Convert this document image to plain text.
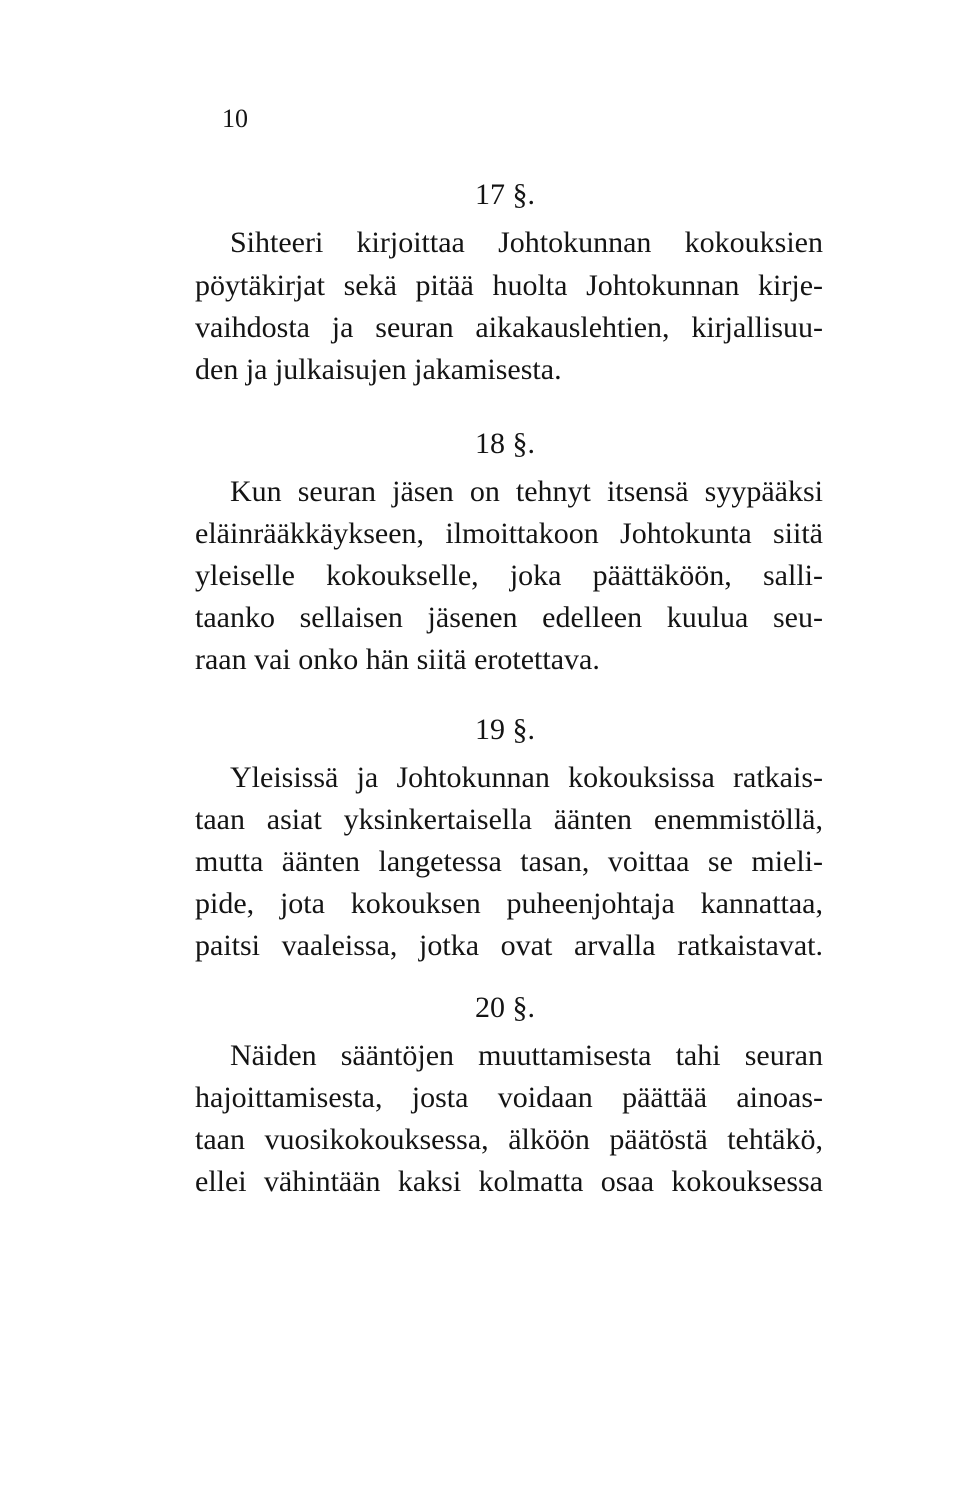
10
17 §.
Sihteeri kirjoittaa Johtokunnan kokouksien
pöytäkirjat sekä pitää huolta Johtokunnan kirje-
vaihdosta ja seuran aikakauslehtien, kirjallisuu-
den ja julkaisujen jakamisesta.
18 §.
Kun seuran jäsen on tehnyt itsensä syypääksi
eläinrääkkäykseen, ilmoittakoon Johtokunta siitä
yleiselle kokoukselle, joka päättäköön, salli-
taanko sellaisen jäsenen edelleen kuulua seu-
raan vai onko hän siitä erotettava.
19 §.
Yleisissä ja Johtokunnan kokouksissa ratkais-
taan asiat yksinkertaisella äänten enemmistöllä,
mutta äänten langetessa tasan, voittaa se mieli-
pide, jota kokouksen puheenjohtaja kannattaa,
paitsi vaaleissa, jotka ovat arvalla ratkaistavat.
20 §.
Näiden sääntöjen muuttamisesta tahi seuran
hajoittamisesta, josta voidaan päättää ainoas-
taan vuosikokouksessa, älköön päätöstä tehtäkö,
ellei vähintään kaksi kolmatta osaa kokouksessa
